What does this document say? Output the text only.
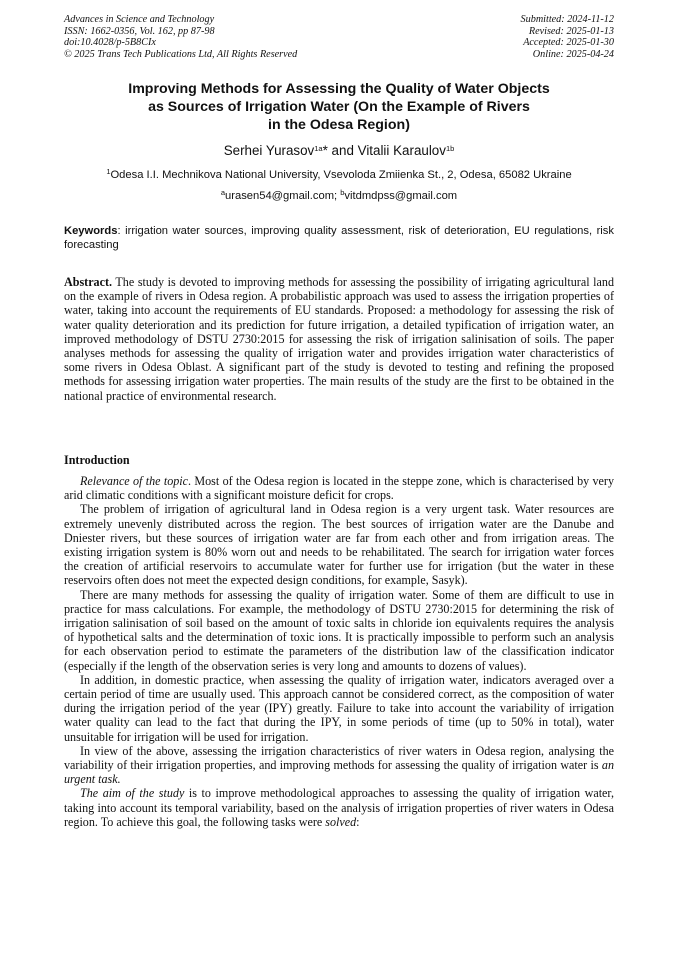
Advances in Science and Technology
ISSN: 1662-0356, Vol. 162, pp 87-98
doi:10.4028/p-5B8CIx
© 2025 Trans Tech Publications Ltd, All Rights Reserved
Submitted: 2024-11-12
Revised: 2025-01-13
Accepted: 2025-01-30
Online: 2025-04-24
Improving Methods for Assessing the Quality of Water Objects
as Sources of Irrigation Water (On the Example of Rivers
in the Odesa Region)
Serhei Yurasov$^{1a}$* and Vitalii Karaulov$^{1b}$
$^1$Odesa I.I. Mechnikova National University, Vsevoloda Zmiienka St., 2, Odesa, 65082 Ukraine
$^a$urasen54@gmail.com; $^b$vitdmdpss@gmail.com
Keywords: irrigation water sources, improving quality assessment, risk of deterioration, EU regulations, risk forecasting

Abstract. The study is devoted to improving methods for assessing the possibility of irrigating agricultural land on the example of rivers in Odesa region. A probabilistic approach was used to assess the irrigation properties of water, taking into account the requirements of EU standards. Proposed: a methodology for assessing the risk of water quality deterioration and its prediction for future irrigation, a detailed typification of irrigation water, an improved methodology of DSTU 2730:2015 for assessing the risk of irrigation salinisation of soils. The paper analyses methods for assessing the quality of irrigation water and provides irrigation water characteristics of some rivers in Odesa Oblast. A significant part of the study is devoted to testing and refining the proposed methods for assessing irrigation water properties. The main results of the study are the first to be obtained in the national practice of environmental research.

Introduction

Relevance of the topic. Most of the Odesa region is located in the steppe zone, which is characterised by very arid climatic conditions with a significant moisture deficit for crops.

The problem of irrigation of agricultural land in Odesa region is a very urgent task. Water resources are extremely unevenly distributed across the region. The best sources of irrigation water are the Danube and Dniester rivers, but these sources of irrigation water are far from each other and from irrigation areas. The existing irrigation system is 80% worn out and needs to be rehabilitated. The search for irrigation water forces the creation of artificial reservoirs to accumulate water for further use for irrigation (but the water in these reservoirs often does not meet the expected design conditions, for example, Sasyk).

There are many methods for assessing the quality of irrigation water. Some of them are difficult to use in practice for mass calculations. For example, the methodology of DSTU 2730:2015 for determining the risk of irrigation salinisation of soil based on the amount of toxic salts in chloride ion equivalents requires the analysis of hypothetical salts and the determination of toxic ions. It is practically impossible to perform such an analysis for each observation period to estimate the parameters of the distribution law of the classification indicator (especially if the length of the observation series is very long and amounts to dozens of values).

In addition, in domestic practice, when assessing the quality of irrigation water, indicators averaged over a certain period of time are usually used. This approach cannot be considered correct, as the composition of water during the irrigation period of the year (IPY) greatly. Failure to take into account the variability of irrigation water quality can lead to the fact that during the IPY, in some periods of time (up to 50% in total), water unsuitable for irrigation will be used for irrigation.

In view of the above, assessing the irrigation characteristics of river waters in Odesa region, analysing the variability of their irrigation properties, and improving methods for assessing the quality of irrigation water is an urgent task.

The aim of the study is to improve methodological approaches to assessing the quality of irrigation water, taking into account its temporal variability, based on the analysis of irrigation properties of river waters in Odesa region. To achieve this goal, the following tasks were solved:
